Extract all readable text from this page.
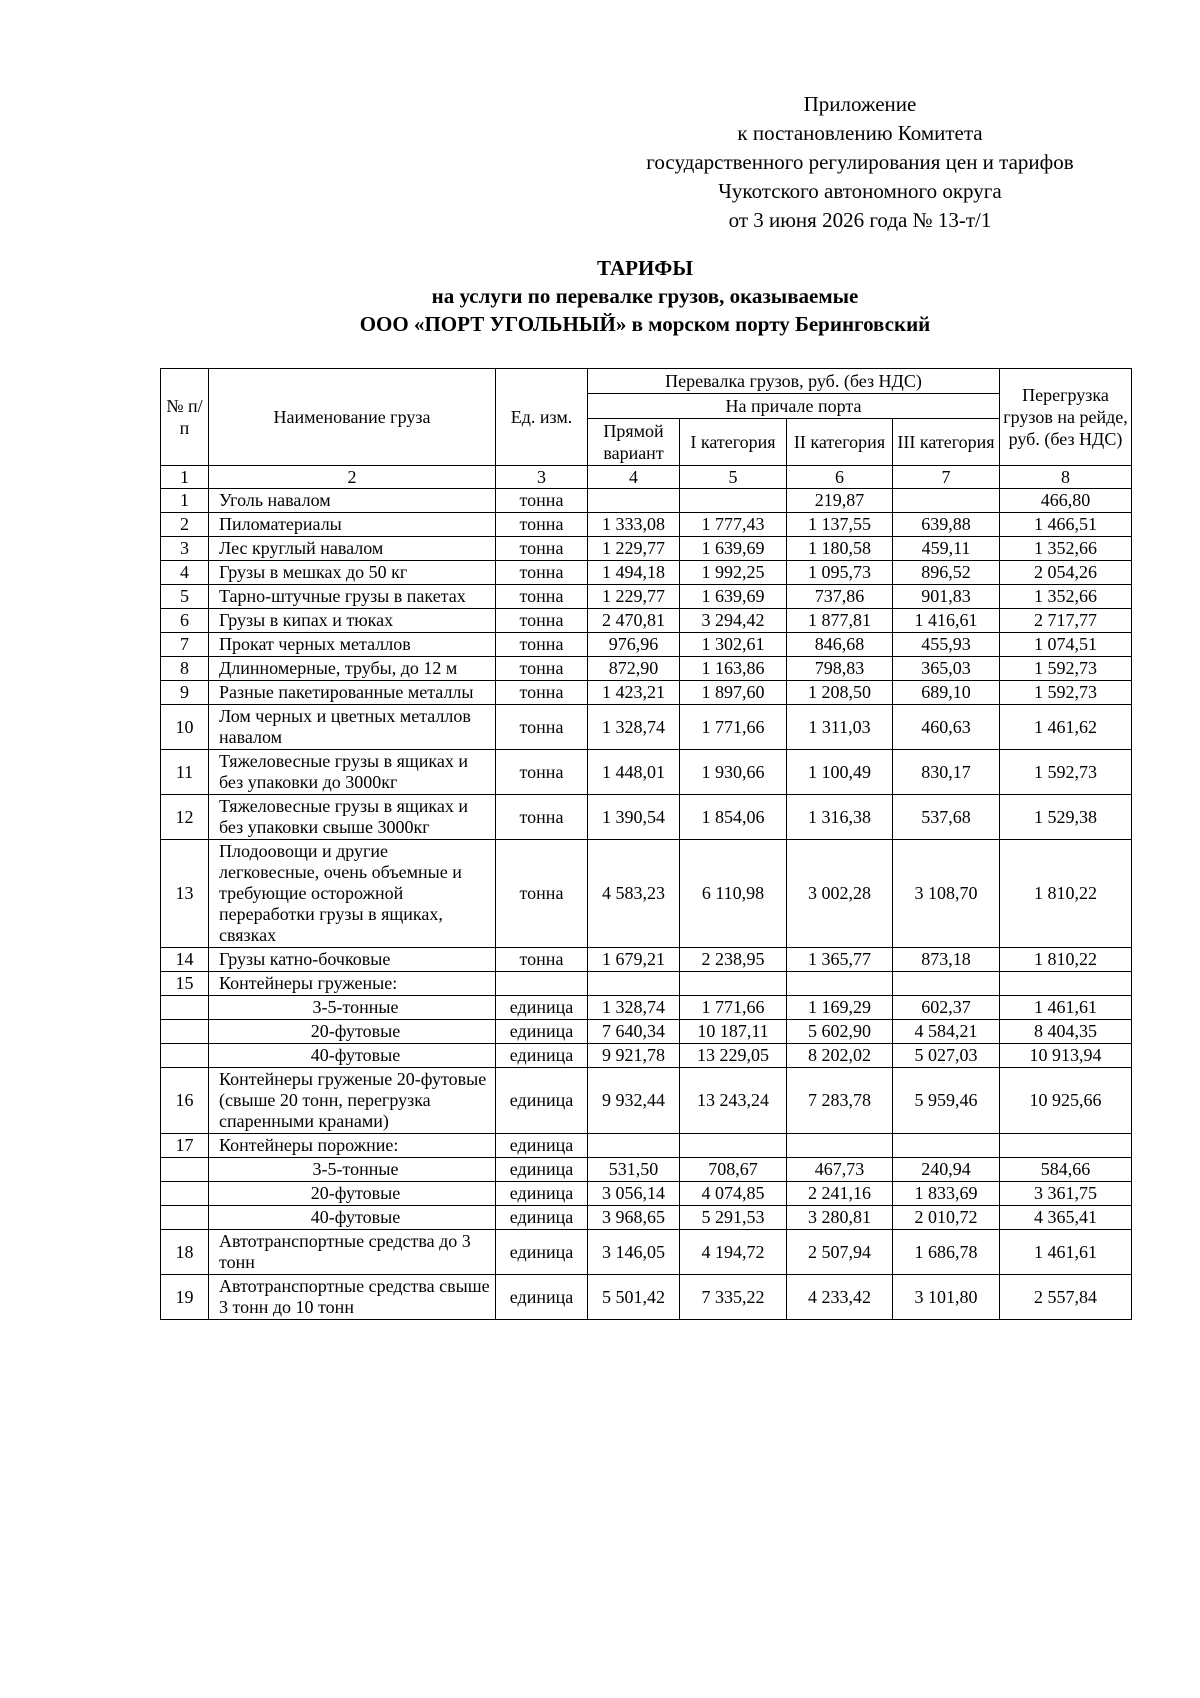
Приложение
к постановлению Комитета
государственного регулирования цен и тарифов
Чукотского автономного округа
от 3 июня 2026 года № 13-т/1
ТАРИФЫ
на услуги по перевалке грузов, оказываемые
ООО «ПОРТ УГОЛЬНЫЙ» в морском порту Беринговский
№ п/п	Наименование груза	Ед. изм.	Перевалка грузов, руб. (без НДС)				Перегрузка грузов на рейде, руб. (без НДС)
			На причале порта				
			Прямой вариант	I категория	II категория	III категория	
1	2	3	4	5	6	7	8
1	Уголь навалом	тонна			219,87		466,80
2	Пиломатериалы	тонна	1 333,08	1 777,43	1 137,55	639,88	1 466,51
3	Лес круглый навалом	тонна	1 229,77	1 639,69	1 180,58	459,11	1 352,66
4	Грузы в мешках до 50 кг	тонна	1 494,18	1 992,25	1 095,73	896,52	2 054,26
5	Тарно-штучные грузы в пакетах	тонна	1 229,77	1 639,69	737,86	901,83	1 352,66
6	Грузы в кипах и тюках	тонна	2 470,81	3 294,42	1 877,81	1 416,61	2 717,77
7	Прокат черных металлов	тонна	976,96	1 302,61	846,68	455,93	1 074,51
8	Длинномерные, трубы, до 12 м	тонна	872,90	1 163,86	798,83	365,03	1 592,73
9	Разные пакетированные металлы	тонна	1 423,21	1 897,60	1 208,50	689,10	1 592,73
10	Лом черных и цветных металлов навалом	тонна	1 328,74	1 771,66	1 311,03	460,63	1 461,62
11	Тяжеловесные грузы в ящиках и без упаковки до 3000кг	тонна	1 448,01	1 930,66	1 100,49	830,17	1 592,73
12	Тяжеловесные грузы в ящиках и без упаковки свыше 3000кг	тонна	1 390,54	1 854,06	1 316,38	537,68	1 529,38
13	Плодоовощи и другие легковесные, очень объемные и требующие осторожной переработки грузы в ящиках, связках	тонна	4 583,23	6 110,98	3 002,28	3 108,70	1 810,22
14	Грузы катно-бочковые	тонна	1 679,21	2 238,95	1 365,77	873,18	1 810,22
15	Контейнеры груженые:						
	3-5-тонные	единица	1 328,74	1 771,66	1 169,29	602,37	1 461,61
	20-футовые	единица	7 640,34	10 187,11	5 602,90	4 584,21	8 404,35
	40-футовые	единица	9 921,78	13 229,05	8 202,02	5 027,03	10 913,94
16	Контейнеры груженые 20-футовые (свыше 20 тонн, перегрузка спаренными кранами)	единица	9 932,44	13 243,24	7 283,78	5 959,46	10 925,66
17	Контейнеры порожние:	единица					
	3-5-тонные	единица	531,50	708,67	467,73	240,94	584,66
	20-футовые	единица	3 056,14	4 074,85	2 241,16	1 833,69	3 361,75
	40-футовые	единица	3 968,65	5 291,53	3 280,81	2 010,72	4 365,41
18	Автотранспортные средства до 3 тонн	единица	3 146,05	4 194,72	2 507,94	1 686,78	1 461,61
19	Автотранспортные средства свыше 3 тонн до 10 тонн	единица	5 501,42	7 335,22	4 233,42	3 101,80	2 557,84
